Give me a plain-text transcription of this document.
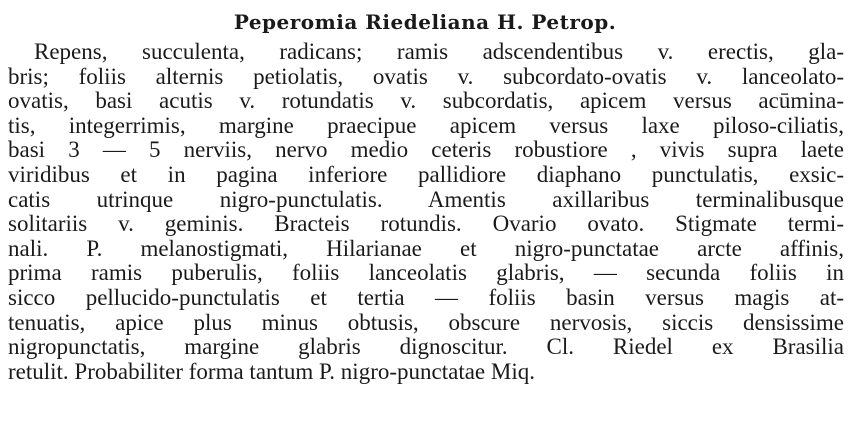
Peperomia Riedeliana H. Petrop.
Repens, succulenta, radicans; ramis adscendentibus v. erectis, gla-
bris; foliis alternis petiolatis, ovatis v. subcordato-ovatis v. lanceolato-
ovatis, basi acutis v. rotundatis v. subcordatis, apicem versus acūmina-
tis, integerrimis, margine praecipue apicem versus laxe piloso-ciliatis,
basi 3 — 5 nerviis, nervo medio ceteris robustiore , vivis supra laete
viridibus et in pagina inferiore pallidiore diaphano punctulatis, exsic-
catis utrinque nigro-punctulatis. Amentis axillaribus terminalibusque
solitariis v. geminis. Bracteis rotundis. Ovario ovato. Stigmate termi-
nali. P. melanostigmati, Hilarianae et nigro-punctatae arcte affinis,
prima ramis puberulis, foliis lanceolatis glabris, — secunda foliis in
sicco pellucido-punctulatis et tertia — foliis basin versus magis at-
tenuatis, apice plus minus obtusis, obscure nervosis, siccis densissime
nigropunctatis, margine glabris dignoscitur. Cl. Riedel ex Brasilia
retulit. Probabiliter forma tantum P. nigro-punctatae Miq.
